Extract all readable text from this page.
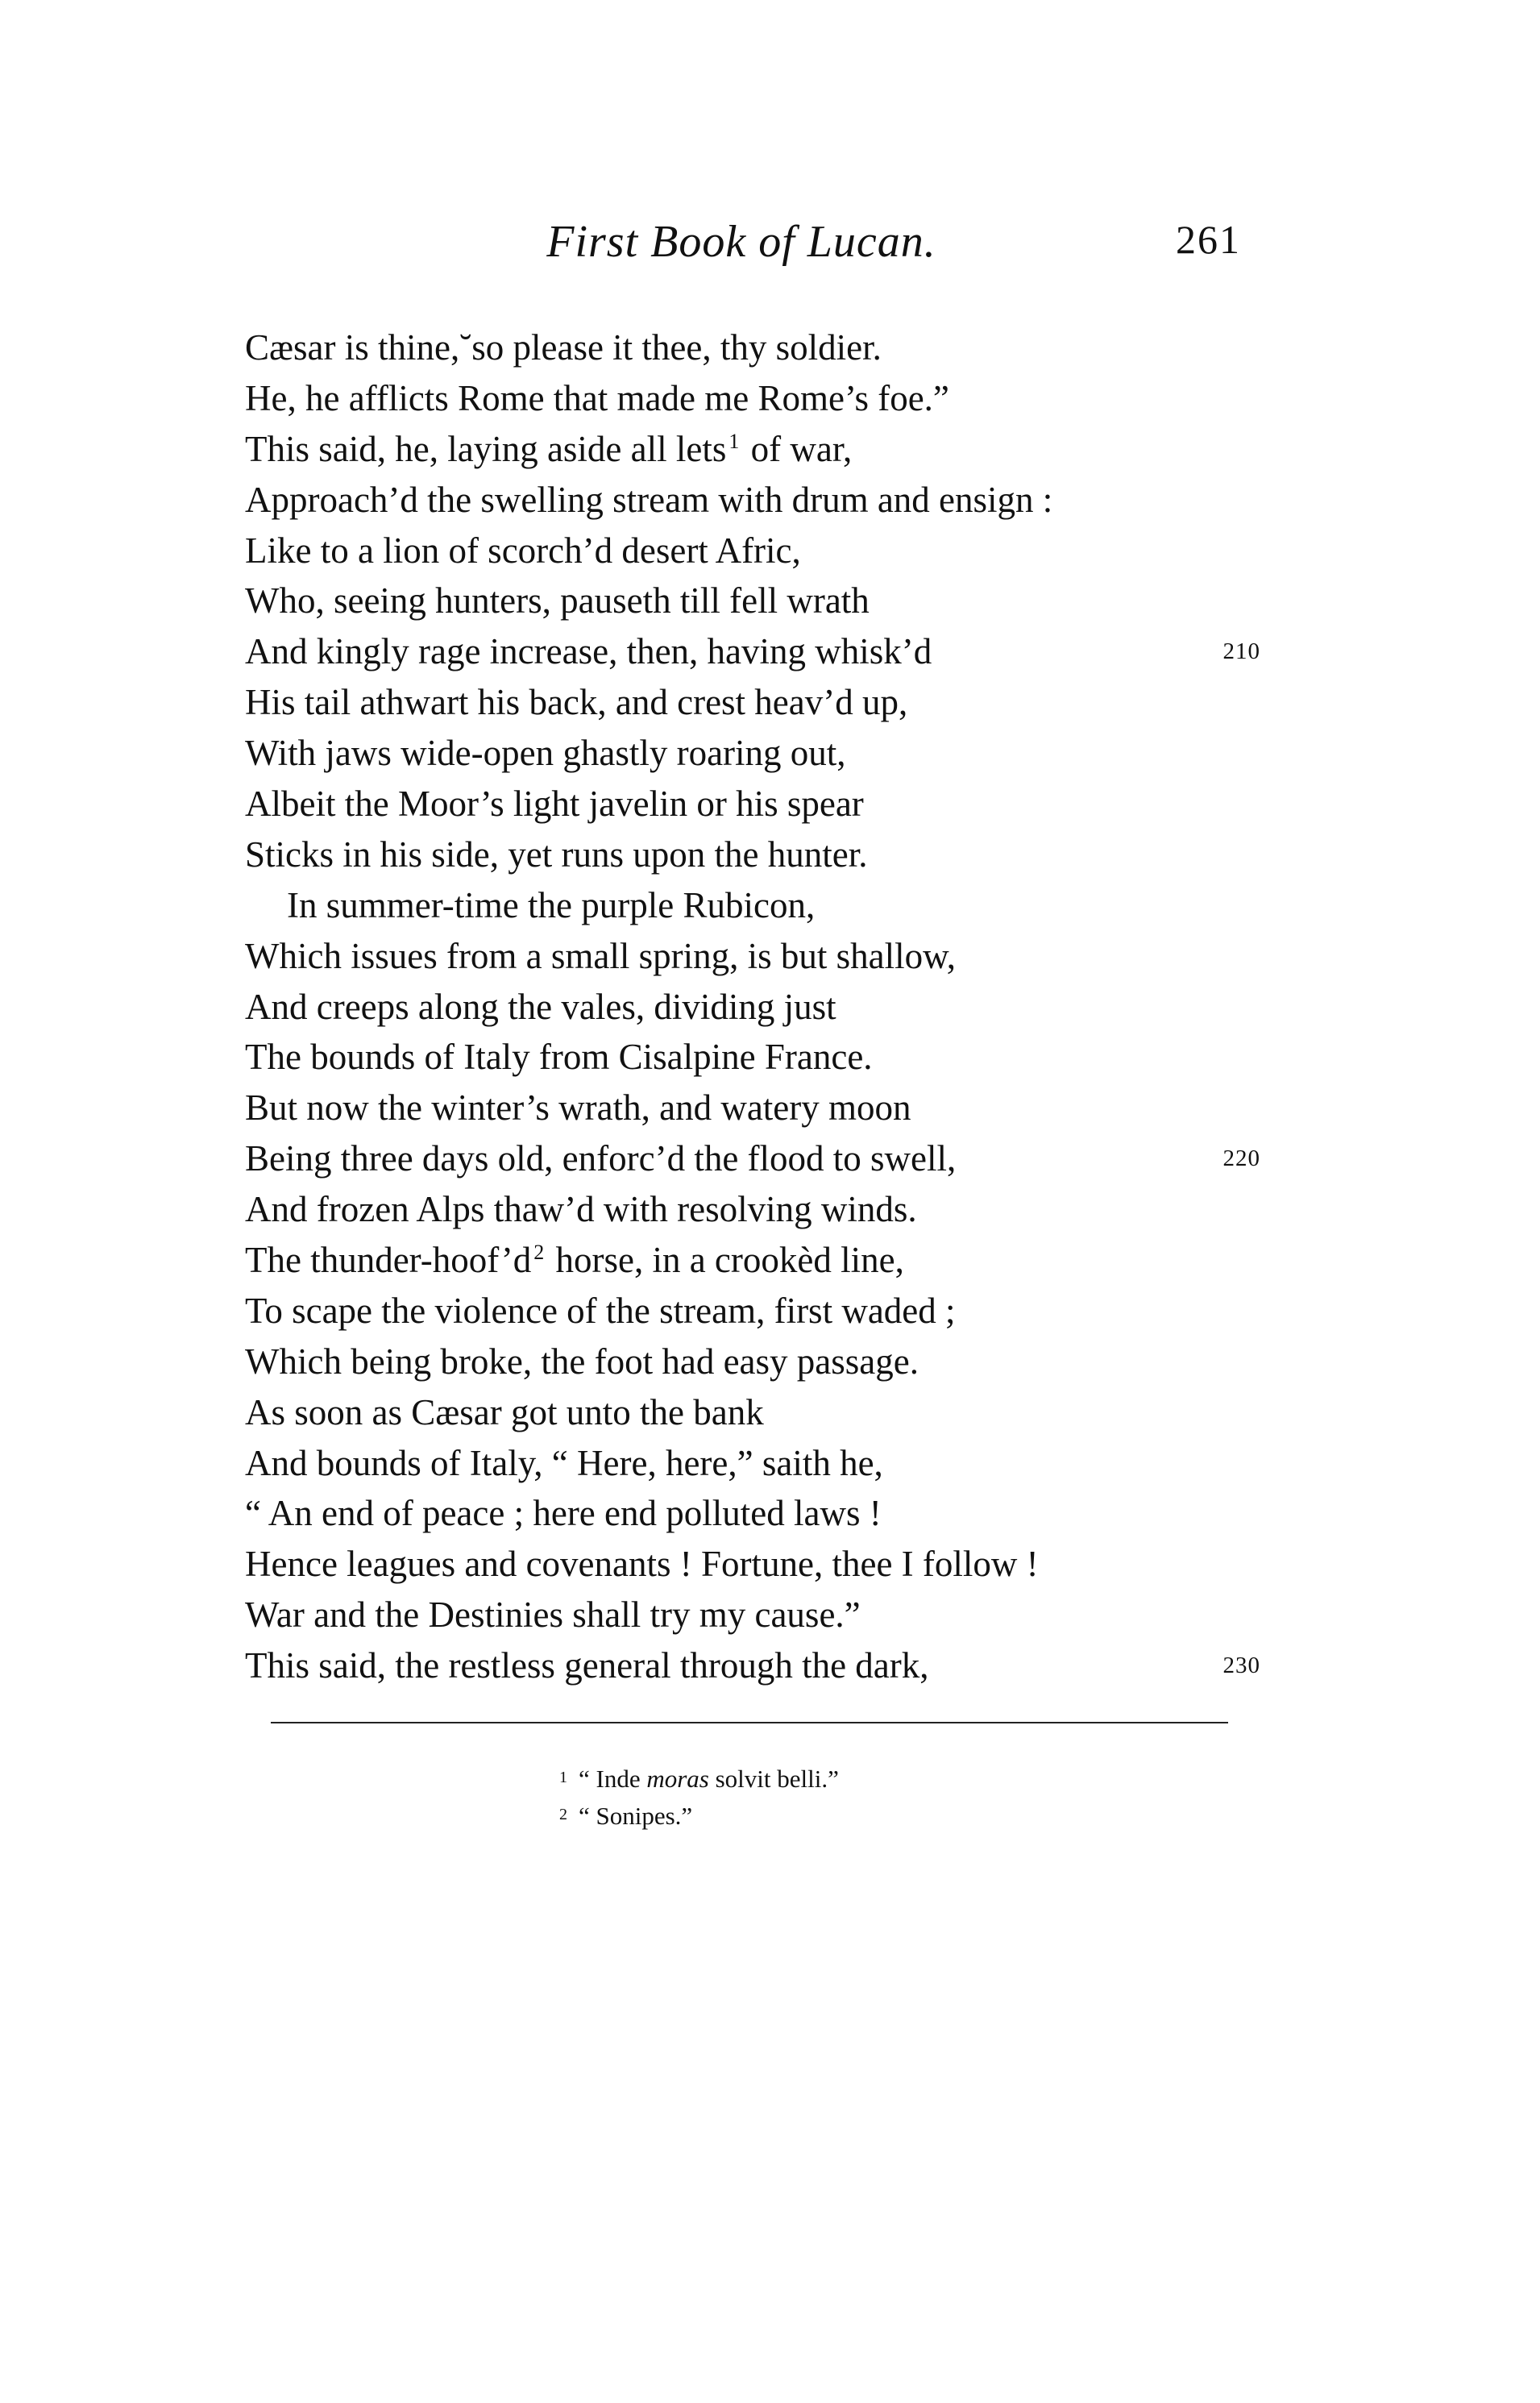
First Book of Lucan.	261
Cæsar is thine,˘so please it thee, thy soldier.
He, he afflicts Rome that made me Rome’s foe.”
This said, he, laying aside all lets $^1$ of war,
Approach’d the swelling stream with drum and ensign :
Like to a lion of scorch’d desert Afric,
Who, seeing hunters, pauseth till fell wrath
And kingly rage increase, then, having whisk’d	210
His tail athwart his back, and crest heav’d up,
With jaws wide-open ghastly roaring out,
Albeit the Moor’s light javelin or his spear
Sticks in his side, yet runs upon the hunter.
In summer-time the purple Rubicon,
Which issues from a small spring, is but shallow,
And creeps along the vales, dividing just
The bounds of Italy from Cisalpine France.
But now the winter’s wrath, and watery moon
Being three days old, enforc’d the flood to swell,	220
And frozen Alps thaw’d with resolving winds.
The thunder-hoof’d $^2$ horse, in a crookèd line,
To scape the violence of the stream, first waded ;
Which being broke, the foot had easy passage.
As soon as Cæsar got unto the bank
And bounds of Italy, “ Here, here,” saith he,
“ An end of peace ; here end polluted laws !
Hence leagues and covenants ! Fortune, thee I follow !
War and the Destinies shall try my cause.”
This said, the restless general through the dark,	230
$^1$ “ Inde moras solvit belli.”
$^2$ “ Sonipes.”
